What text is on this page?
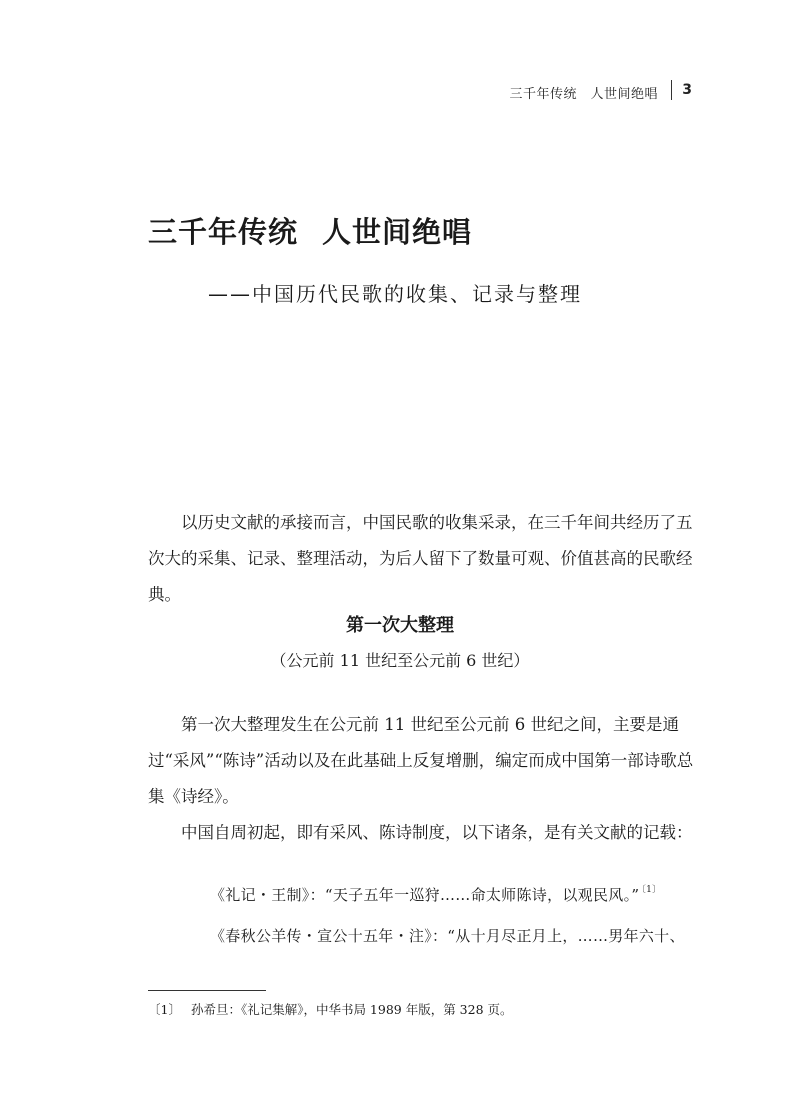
三千年传统　人世间绝唱 3
三千年传统 人世间绝唱
——中国历代民歌的收集、记录与整理

以历史文献的承接而言，中国民歌的收集采录，在三千年间共经历了五次大的采集、记录、整理活动，为后人留下了数量可观、价值甚高的民歌经典。

第一次大整理
（公元前 11 世纪至公元前 6 世纪）

第一次大整理发生在公元前 11 世纪至公元前 6 世纪之间，主要是通过“采风”“陈诗”活动以及在此基础上反复增删，编定而成中国第一部诗歌总集《诗经》。

中国自周初起，即有采风、陈诗制度，以下诸条，是有关文献的记载：

《礼记・王制》：“天子五年一巡狩……命太师陈诗，以观民风。” $^{〔1〕}$
《春秋公羊传・宣公十五年・注》：“从十月尽正月上，……男年六十、
〔1〕 孙希旦：《礼记集解》，中华书局 1989 年版，第 328 页。
